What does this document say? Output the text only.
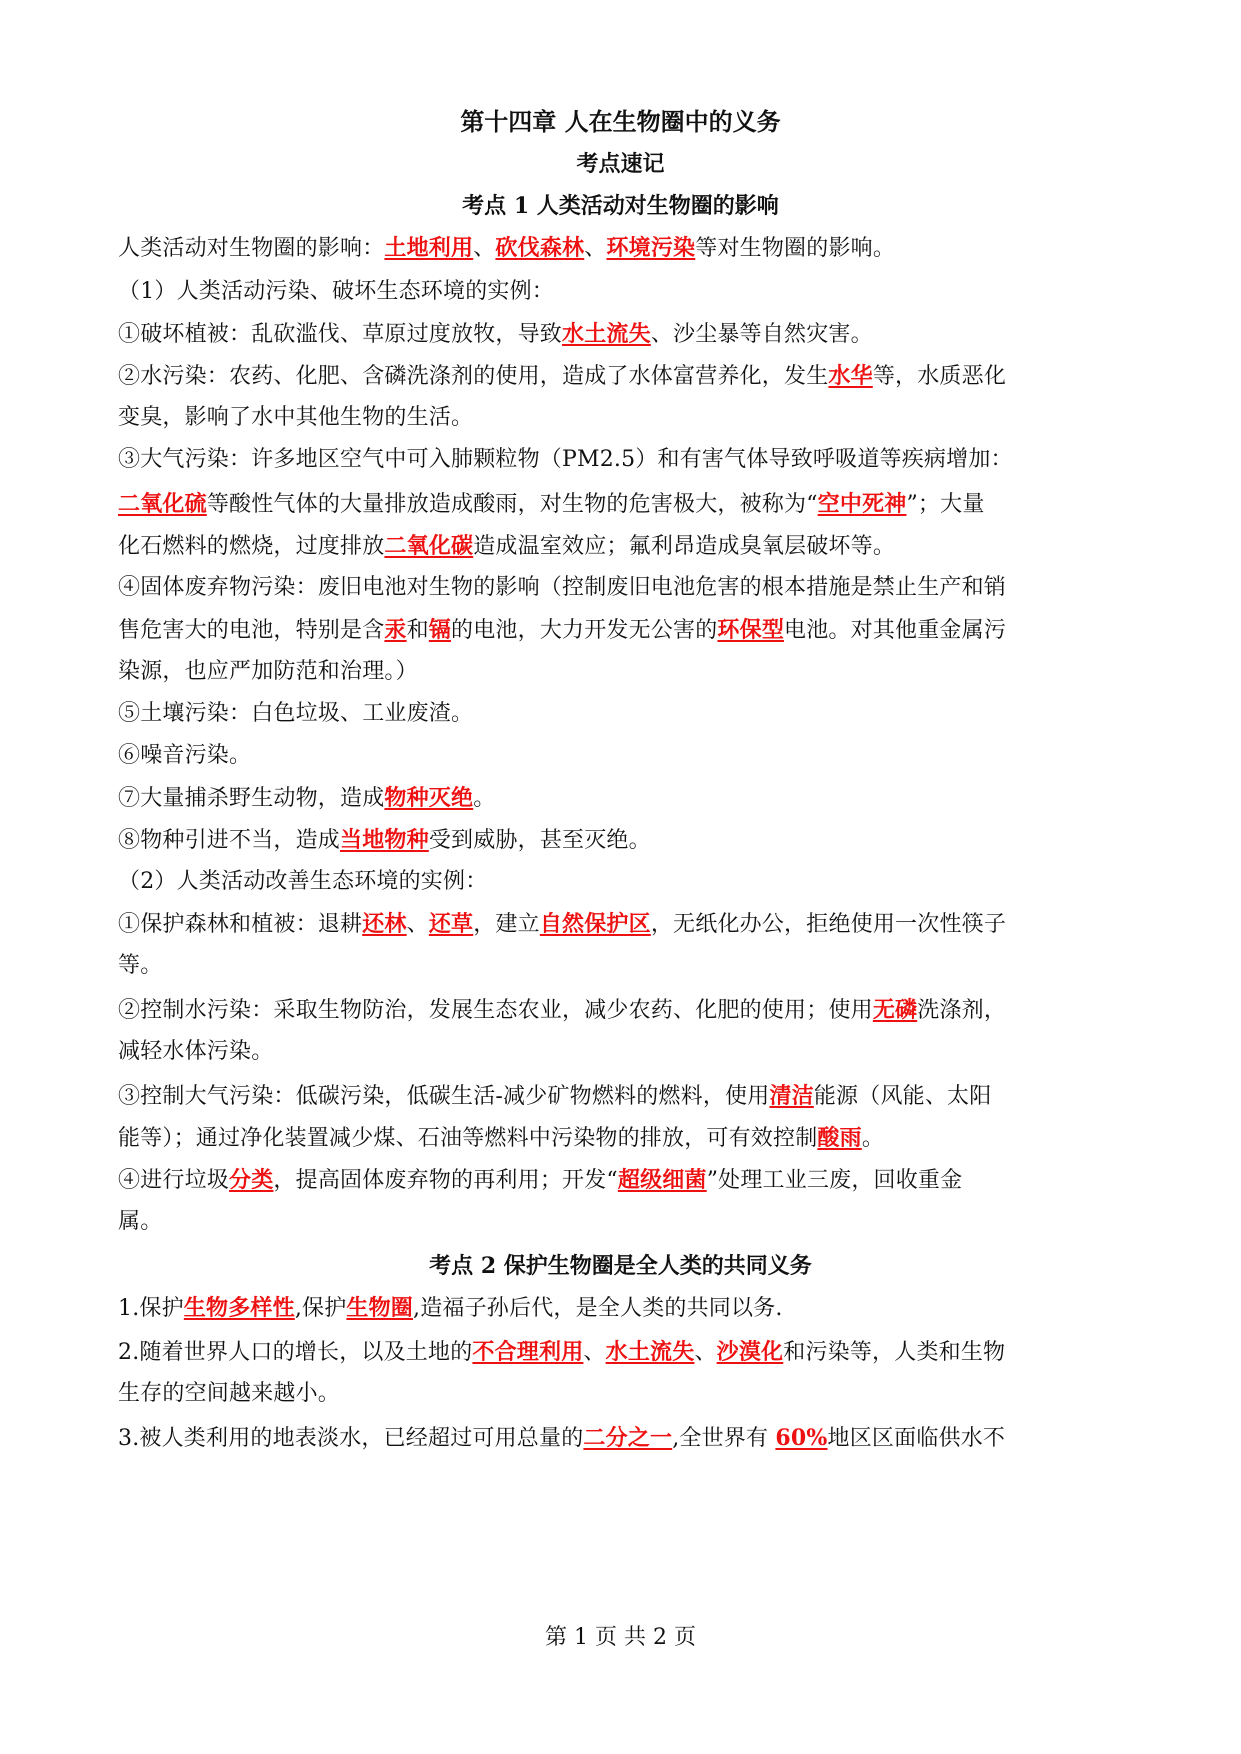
第十四章 人在生物圈中的义务
考点速记
考点 1 人类活动对生物圈的影响
考点 2 保护生物圈是全人类的共同义务
人类活动对生物圈的影响：土地利用、砍伐森林、环境污染等对生物圈的影响。
（1）人类活动污染、破坏生态环境的实例：
①破坏植被：乱砍滥伐、草原过度放牧，导致水土流失、沙尘暴等自然灾害。
②水污染：农药、化肥、含磷洗涤剂的使用，造成了水体富营养化，发生水华等，水质恶化
变臭，影响了水中其他生物的生活。
③大气污染：许多地区空气中可入肺颗粒物（PM2.5）和有害气体导致呼吸道等疾病增加：
二氧化硫等酸性气体的大量排放造成酸雨，对生物的危害极大，被称为“空中死神”；大量
化石燃料的燃烧，过度排放二氧化碳造成温室效应；氟利昂造成臭氧层破坏等。
④固体废弃物污染：废旧电池对生物的影响（控制废旧电池危害的根本措施是禁止生产和销
售危害大的电池，特别是含汞和镉的电池，大力开发无公害的环保型电池。对其他重金属污
染源，也应严加防范和治理。）
⑤土壤污染：白色垃圾、工业废渣。
⑥噪音污染。
⑦大量捕杀野生动物，造成物种灭绝。
⑧物种引进不当，造成当地物种受到威胁，甚至灭绝。
（2）人类活动改善生态环境的实例：
①保护森林和植被：退耕还林、还草，建立自然保护区，无纸化办公，拒绝使用一次性筷子
等。
②控制水污染：采取生物防治，发展生态农业，减少农药、化肥的使用；使用无磷洗涤剂，
减轻水体污染。
③控制大气污染：低碳污染，低碳生活-减少矿物燃料的燃料，使用清洁能源（风能、太阳
能等）；通过净化装置减少煤、石油等燃料中污染物的排放，可有效控制酸雨。
④进行垃圾分类，提高固体废弃物的再利用；开发“超级细菌”处理工业三废，回收重金
属。
1.保护生物多样性,保护生物圈,造福子孙后代，是全人类的共同以务.
2.随着世界人口的增长，以及土地的不合理利用、水土流失、沙漠化和污染等，人类和生物
生存的空间越来越小。
3.被人类利用的地表淡水，已经超过可用总量的二分之一,全世界有 60%地区区面临供水不
第 1 页 共 2 页
